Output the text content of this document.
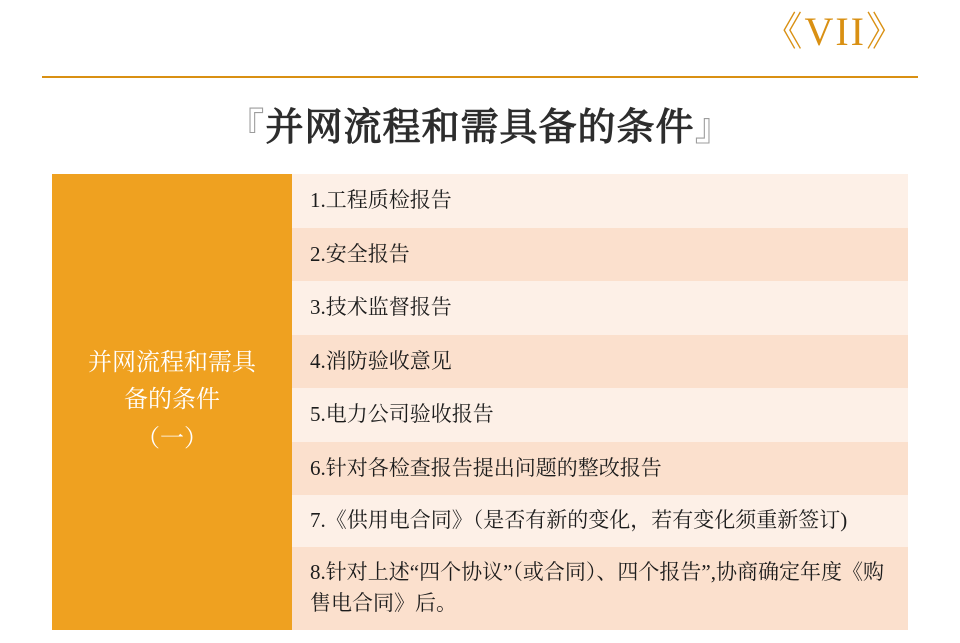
《VII》
『并网流程和需具备的条件』
并网流程和需具
备的条件
（一）
1.工程质检报告
2.安全报告
3.技术监督报告
4.消防验收意见
5.电力公司验收报告
6.针对各检查报告提出问题的整改报告
7.《供用电合同》（是否有新的变化，若有变化须重新签订)
8.针对上述“四个协议”（或合同）、四个报告”,协商确定年度《购售电合同》后。
